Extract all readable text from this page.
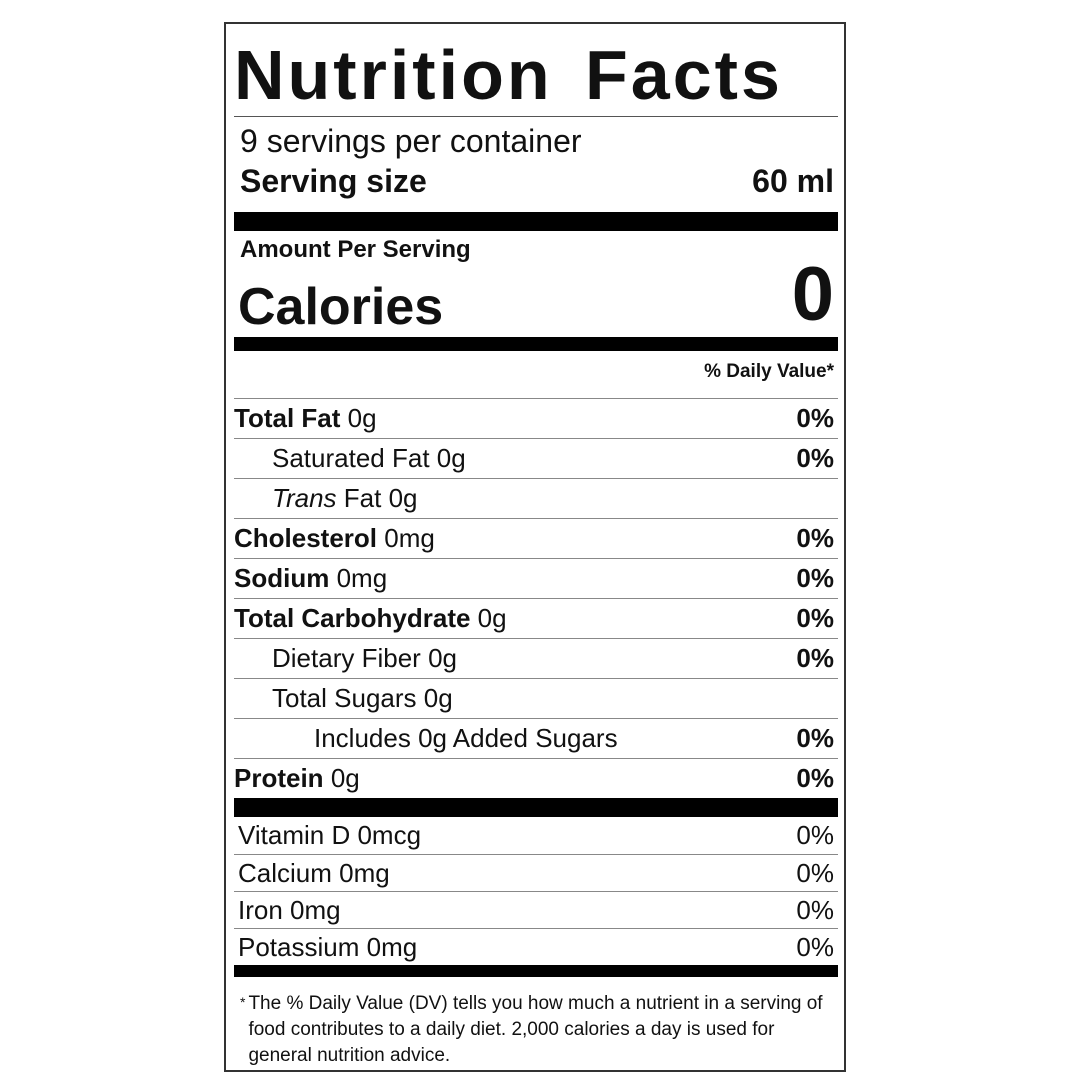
Nutrition Facts
9 servings per container
Serving size	60 ml
Amount Per Serving
Calories	0
% Daily Value*
Total Fat 0g	0%
Saturated Fat 0g	0%
Trans Fat 0g
Cholesterol 0mg	0%
Sodium 0mg	0%
Total Carbohydrate 0g	0%
Dietary Fiber 0g	0%
Total Sugars 0g
Includes 0g Added Sugars	0%
Protein 0g	0%
Vitamin D 0mcg	0%
Calcium 0mg	0%
Iron 0mg	0%
Potassium 0mg	0%
* The % Daily Value (DV) tells you how much a nutrient in a serving of food contributes to a daily diet. 2,000 calories a day is used for general nutrition advice.
